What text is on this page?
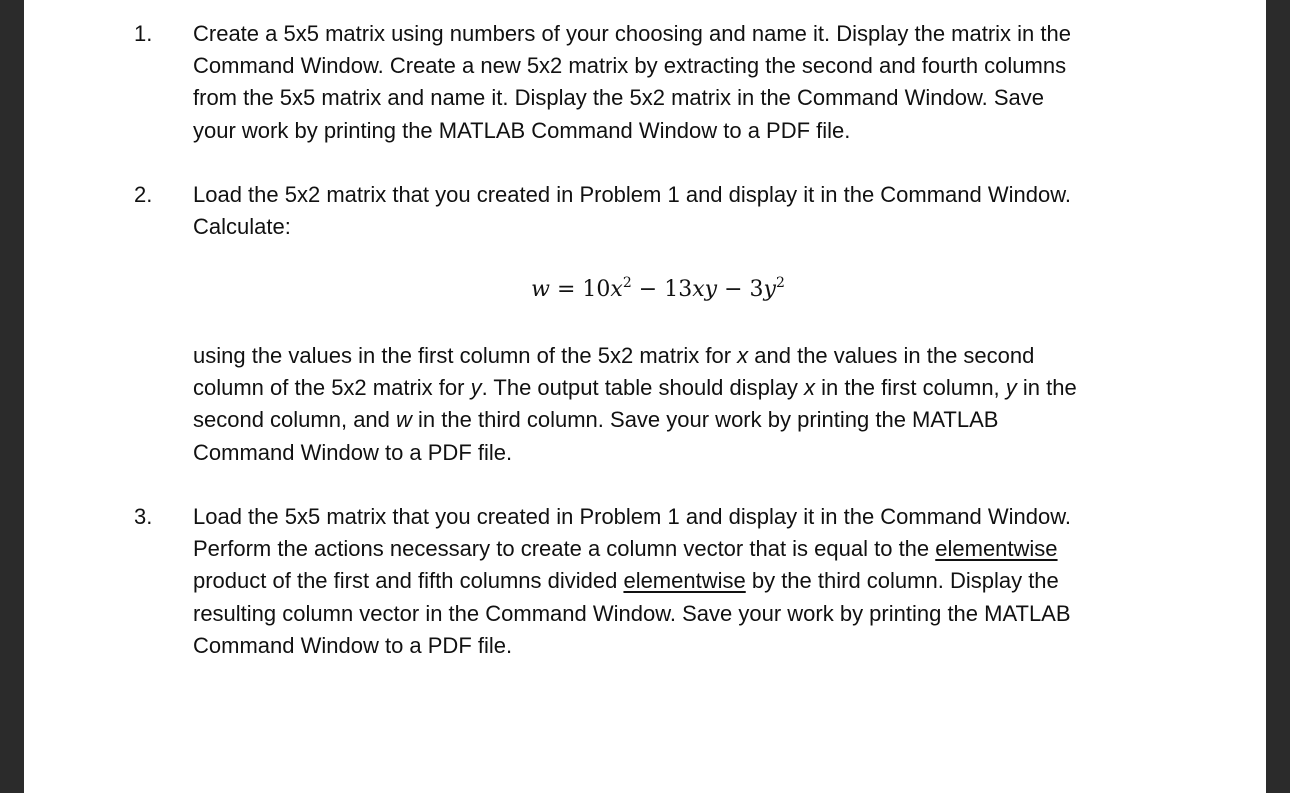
1. Create a 5x5 matrix using numbers of your choosing and name it. Display the matrix in the
Command Window. Create a new 5x2 matrix by extracting the second and fourth columns
from the 5x5 matrix and name it. Display the 5x2 matrix in the Command Window. Save
your work by printing the MATLAB Command Window to a PDF file.

2. Load the 5x2 matrix that you created in Problem 1 and display it in the Command Window.
Calculate:

$w = 10x^2 - 13xy - 3y^2$

using the values in the first column of the 5x2 matrix for x and the values in the second
column of the 5x2 matrix for y. The output table should display x in the first column, y in the
second column, and w in the third column. Save your work by printing the MATLAB
Command Window to a PDF file.

3. Load the 5x5 matrix that you created in Problem 1 and display it in the Command Window.
Perform the actions necessary to create a column vector that is equal to the elementwise
product of the first and fifth columns divided elementwise by the third column. Display the
resulting column vector in the Command Window. Save your work by printing the MATLAB
Command Window to a PDF file.
